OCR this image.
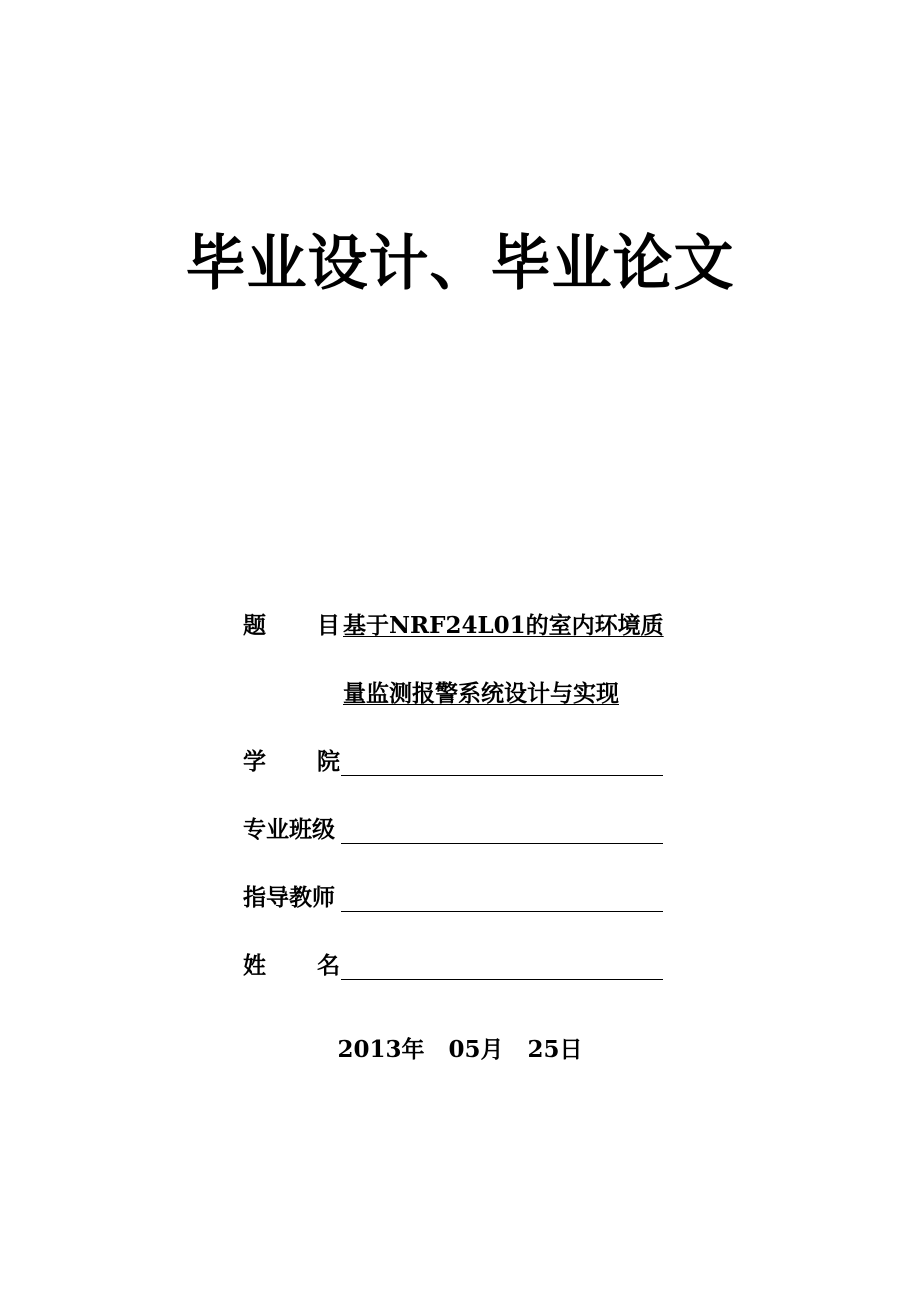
毕业设计、毕业论文
题 目 基于NRF24L01的室内环境质
量监测报警系统设计与实现
学 院
专业班级
指导教师
姓 名
2013年   05月   25日
